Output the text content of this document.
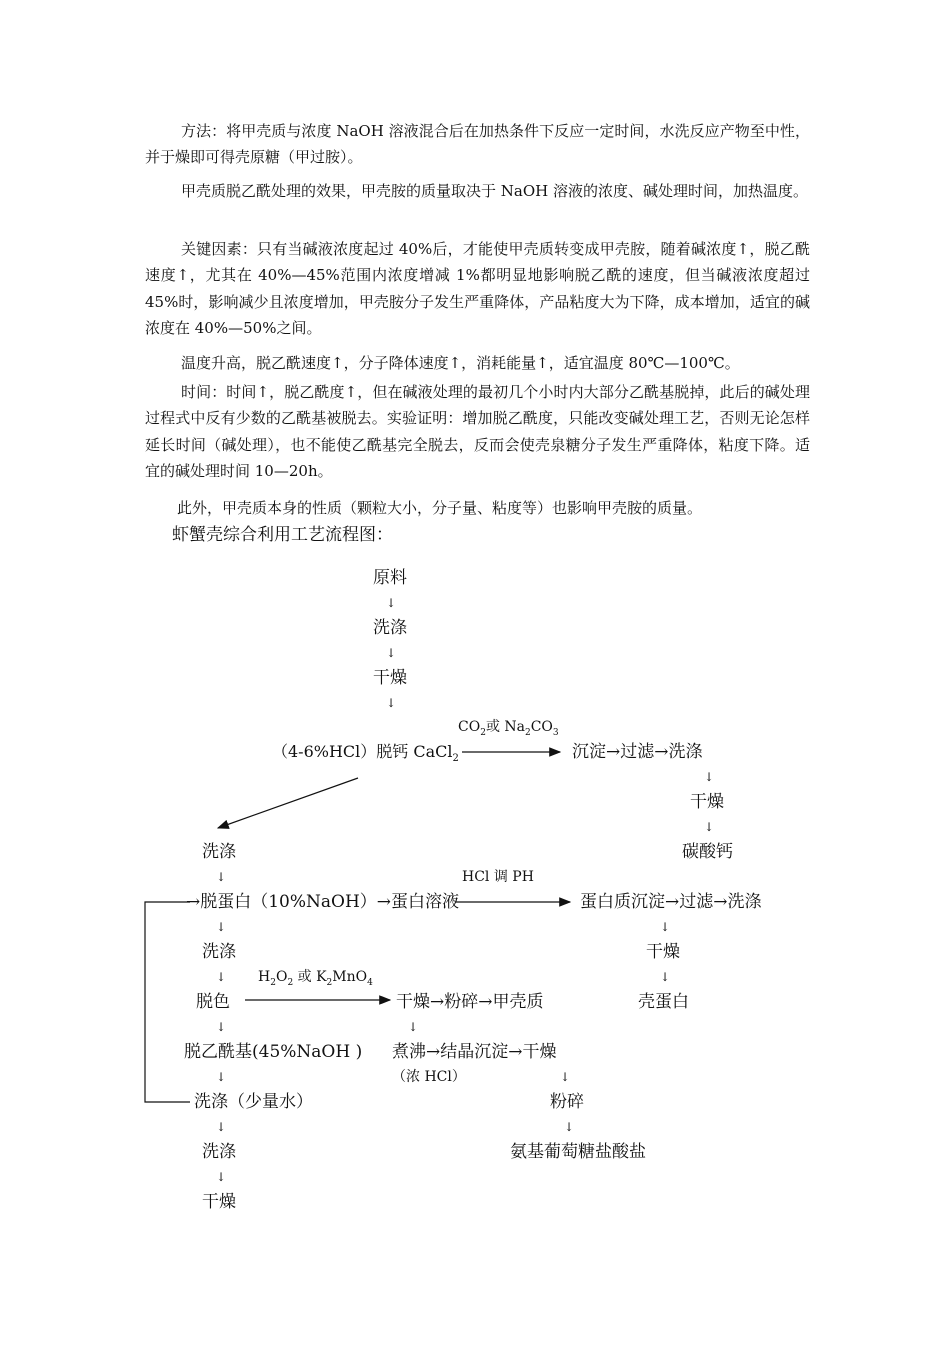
方法：将甲壳质与浓度 NaOH 溶液混合后在加热条件下反应一定时间，水洗反应产物至中性，并于燥即可得壳原糖（甲过胺）。

甲壳质脱乙酰处理的效果，甲壳胺的质量取决于 NaOH 溶液的浓度、碱处理时间，加热温度。

关键因素：只有当碱液浓度起过 40%后，才能使甲壳质转变成甲壳胺，随着碱浓度↑，脱乙酰速度↑，尤其在 40%—45%范围内浓度增减 1%都明显地影响脱乙酰的速度，但当碱液浓度超过 45%时，影响减少且浓度增加，甲壳胺分子发生严重降体，产品粘度大为下降，成本增加，适宜的碱浓度在 40%—50%之间。

温度升高，脱乙酰速度↑，分子降体速度↑，消耗能量↑，适宜温度 80℃—100℃。

时间：时间↑，脱乙酰度↑，但在碱液处理的最初几个小时内大部分乙酰基脱掉，此后的碱处理过程式中反有少数的乙酰基被脱去。实验证明：增加脱乙酰度，只能改变碱处理工艺，否则无论怎样延长时间（碱处理），也不能使乙酰基完全脱去，反而会使壳泉糖分子发生严重降体，粘度下降。适宜的碱处理时间 10—20h。

此外，甲壳质本身的性质（颗粒大小，分子量、粘度等）也影响甲壳胺的质量。

虾蟹壳综合利用工艺流程图：

原料
↓
洗涤
↓
干燥
↓
$CO_2$或 $Na_2CO_3$
（4-6%HCl）脱钙 CaCl$_2$	沉淀→过滤→洗涤
↓
干燥
↓
碳酸钙
洗涤
↓	HCl 调 PH
→脱蛋白（10%NaOH）→蛋白溶液	蛋白质沉淀→过滤→洗涤
↓
干燥
↓
壳蛋白
↓
洗涤
↓ $H_2O_2$ 或 $K_2MnO_4$
脱色	干燥→粉碎→甲壳质
↓	↓
脱乙酰基(45%NaOH ) 煮沸→结晶沉淀→干燥
↓	（浓 HCl）	↓
洗涤（少量水）	粉碎
↓	↓
洗涤	氨基葡萄糖盐酸盐
↓
干燥
